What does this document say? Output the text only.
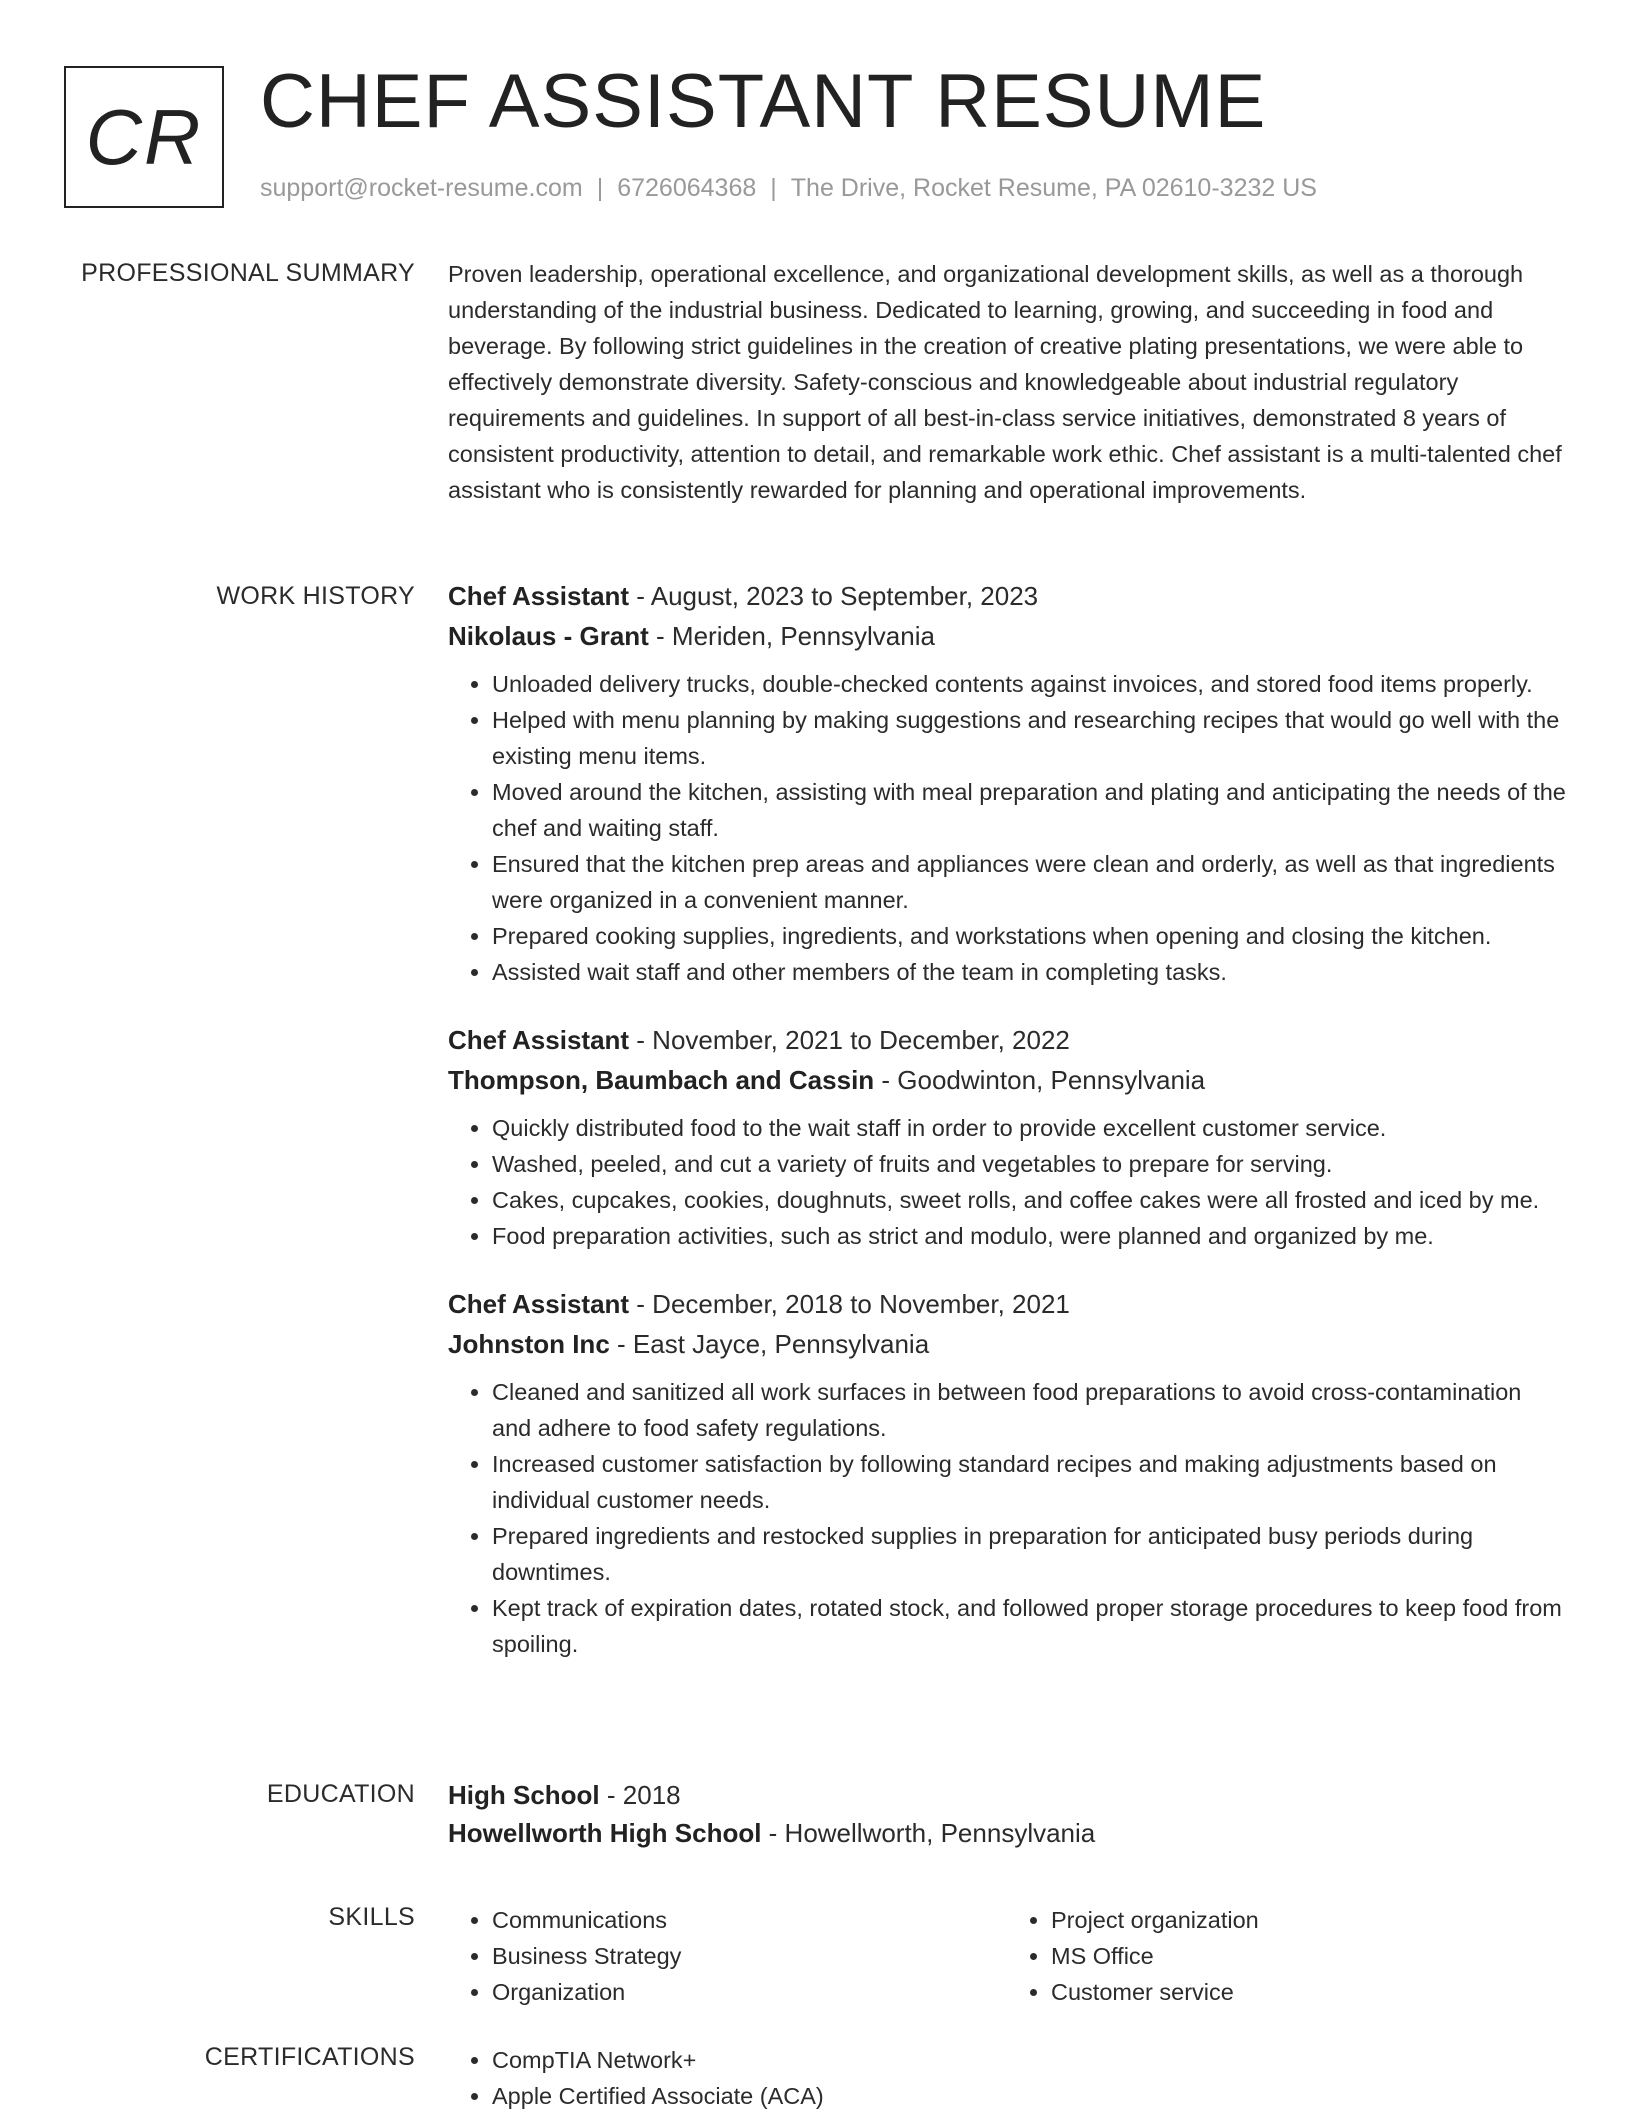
CR CHEF ASSISTANT RESUME
support@rocket-resume.com | 6726064368 | The Drive, Rocket Resume, PA 02610-3232 US
PROFESSIONAL SUMMARY Proven leadership, operational excellence, and organizational development skills, as well as a thorough understanding of the industrial business. Dedicated to learning, growing, and succeeding in food and beverage. By following strict guidelines in the creation of creative plating presentations, we were able to effectively demonstrate diversity. Safety-conscious and knowledgeable about industrial regulatory requirements and guidelines. In support of all best-in-class service initiatives, demonstrated 8 years of consistent productivity, attention to detail, and remarkable work ethic. Chef assistant is a multi-talented chef assistant who is consistently rewarded for planning and operational improvements.

WORK HISTORY Chef Assistant - August, 2023 to September, 2023

Nikolaus - Grant - Meriden, Pennsylvania

• Unloaded delivery trucks, double-checked contents against invoices, and stored food items properly.
• Helped with menu planning by making suggestions and researching recipes that would go well with the existing menu items.
• Moved around the kitchen, assisting with meal preparation and plating and anticipating the needs of the chef and waiting staff.
• Ensured that the kitchen prep areas and appliances were clean and orderly, as well as that ingredients were organized in a convenient manner.
• Prepared cooking supplies, ingredients, and workstations when opening and closing the kitchen.
• Assisted wait staff and other members of the team in completing tasks.

Chef Assistant - November, 2021 to December, 2022

Thompson, Baumbach and Cassin - Goodwinton, Pennsylvania

• Quickly distributed food to the wait staff in order to provide excellent customer service.
• Washed, peeled, and cut a variety of fruits and vegetables to prepare for serving.
• Cakes, cupcakes, cookies, doughnuts, sweet rolls, and coffee cakes were all frosted and iced by me.
• Food preparation activities, such as strict and modulo, were planned and organized by me.

Chef Assistant - December, 2018 to November, 2021

Johnston Inc - East Jayce, Pennsylvania

• Cleaned and sanitized all work surfaces in between food preparations to avoid cross-contamination and adhere to food safety regulations.
• Increased customer satisfaction by following standard recipes and making adjustments based on individual customer needs.
• Prepared ingredients and restocked supplies in preparation for anticipated busy periods during downtimes.
• Kept track of expiration dates, rotated stock, and followed proper storage procedures to keep food from spoiling.
EDUCATION High School - 2018

Howellworth High School - Howellworth, Pennsylvania

SKILLS	• Communications
• Business Strategy
• Organization
• Project organization
• MS Office
• Customer service
CERTIFICATIONS	• CompTIA Network+
• Apple Certified Associate (ACA)
